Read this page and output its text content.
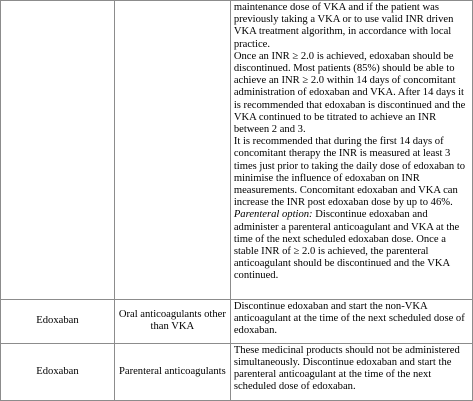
		maintenance dose of VKA and if the patient was previously taking a VKA or to use valid INR driven VKA treatment algorithm, in accordance with local practice.
Once an INR ≥ 2.0 is achieved, edoxaban should be discontinued. Most patients (85%) should be able to achieve an INR ≥ 2.0 within 14 days of concomitant administration of edoxaban and VKA. After 14 days it is recommended that edoxaban is discontinued and the VKA continued to be titrated to achieve an INR between 2 and 3.
It is recommended that during the first 14 days of concomitant therapy the INR is measured at least 3 times just prior to taking the daily dose of edoxaban to minimise the influence of edoxaban on INR measurements. Concomitant edoxaban and VKA can increase the INR post edoxaban dose by up to 46%.
Parenteral option: Discontinue edoxaban and administer a parenteral anticoagulant and VKA at the time of the next scheduled edoxaban dose. Once a stable INR of ≥ 2.0 is achieved, the parenteral anticoagulant should be discontinued and the VKA continued.

Edoxaban	Oral anticoagulants other than VKA	Discontinue edoxaban and start the non-VKA anticoagulant at the time of the next scheduled dose of edoxaban.
Edoxaban	Parenteral anticoagulants	These medicinal products should not be administered simultaneously. Discontinue edoxaban and start the parenteral anticoagulant at the time of the next scheduled dose of edoxaban.
